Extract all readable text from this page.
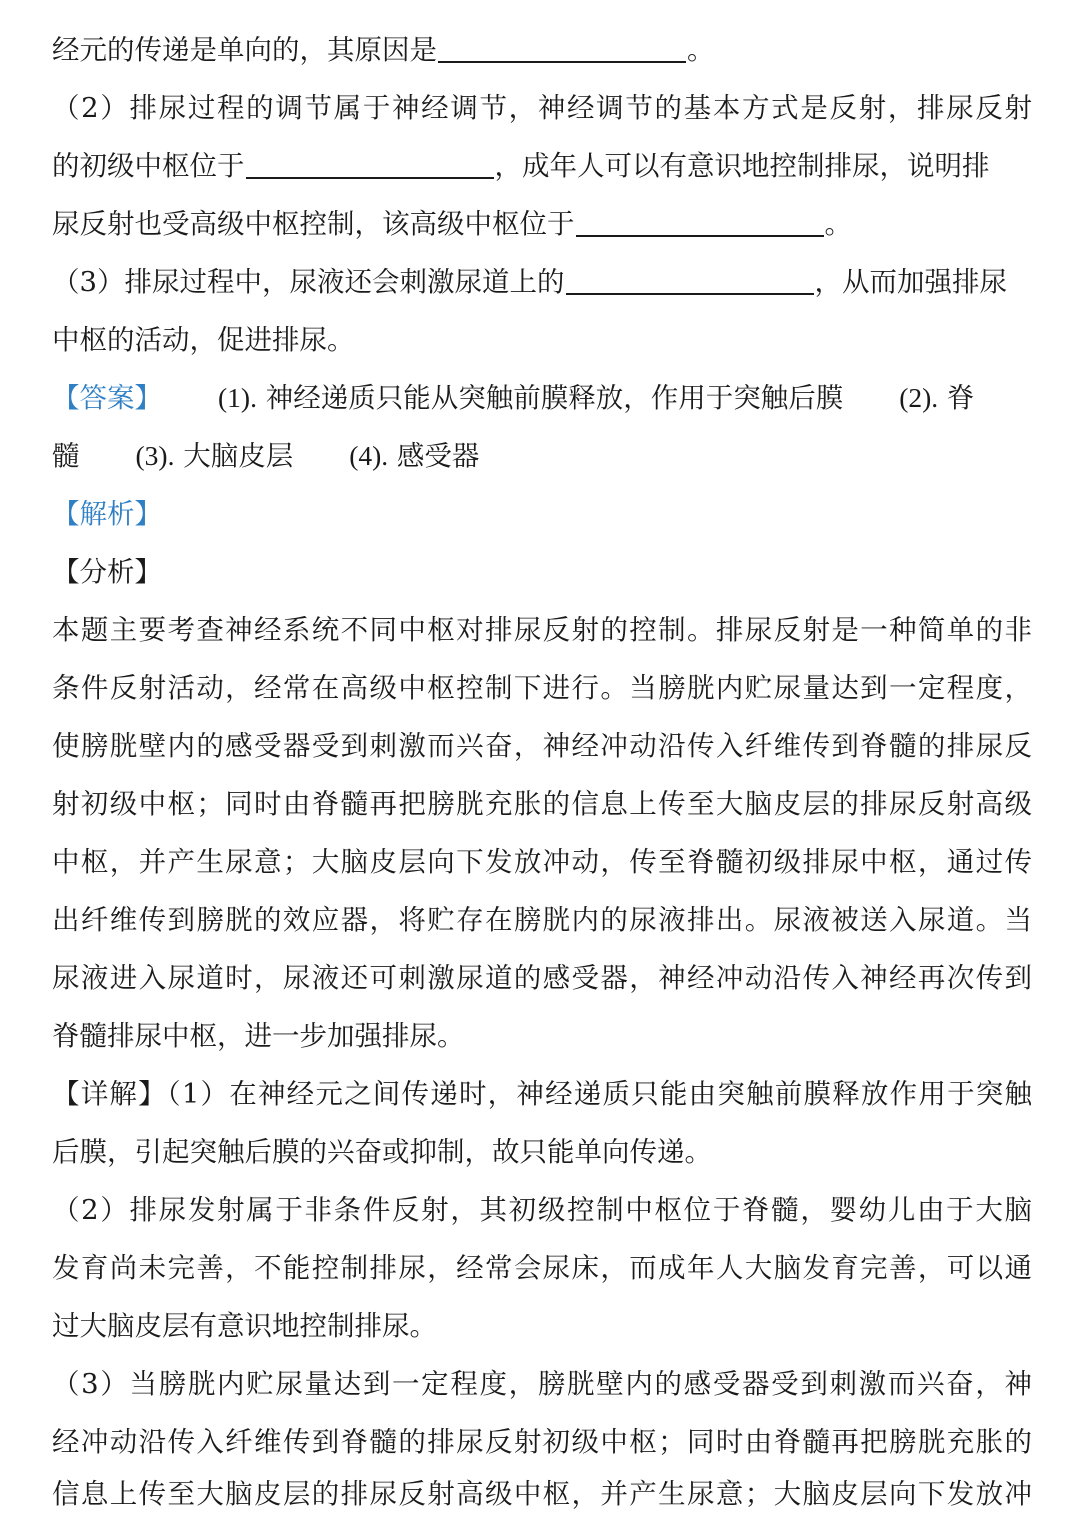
经元的传递是单向的，其原因是	。
（2）排尿过程的调节属于神经调节，神经调节的基本方式是反射，排尿反射
的初级中枢位于	，成年人可以有意识地控制排尿，说明排
尿反射也受高级中枢控制，该高级中枢位于	。
（3）排尿过程中，尿液还会刺激尿道上的	，从而加强排尿
中枢的活动，促进排尿。
【答案】 (1). 神经递质只能从突触前膜释放，作用于突触后膜 (2). 脊
髓 (3). 大脑皮层 (4). 感受器
【解析】
【分析】
本题主要考查神经系统不同中枢对排尿反射的控制。排尿反射是一种简单的非
条件反射活动，经常在高级中枢控制下进行。当膀胱内贮尿量达到一定程度，
使膀胱壁内的感受器受到刺激而兴奋，神经冲动沿传入纤维传到脊髓的排尿反
射初级中枢；同时由脊髓再把膀胱充胀的信息上传至大脑皮层的排尿反射高级
中枢，并产生尿意；大脑皮层向下发放冲动，传至脊髓初级排尿中枢，通过传
出纤维传到膀胱的效应器，将贮存在膀胱内的尿液排出。尿液被送入尿道。当
尿液进入尿道时，尿液还可刺激尿道的感受器，神经冲动沿传入神经再次传到
脊髓排尿中枢，进一步加强排尿。
【详解】（1）在神经元之间传递时，神经递质只能由突触前膜释放作用于突触
后膜，引起突触后膜的兴奋或抑制，故只能单向传递。
（2）排尿发射属于非条件反射，其初级控制中枢位于脊髓，婴幼儿由于大脑
发育尚未完善，不能控制排尿，经常会尿床，而成年人大脑发育完善，可以通
过大脑皮层有意识地控制排尿。
（3）当膀胱内贮尿量达到一定程度，膀胱壁内的感受器受到刺激而兴奋，神
经冲动沿传入纤维传到脊髓的排尿反射初级中枢；同时由脊髓再把膀胱充胀的
信息上传至大脑皮层的排尿反射高级中枢，并产生尿意；大脑皮层向下发放冲
